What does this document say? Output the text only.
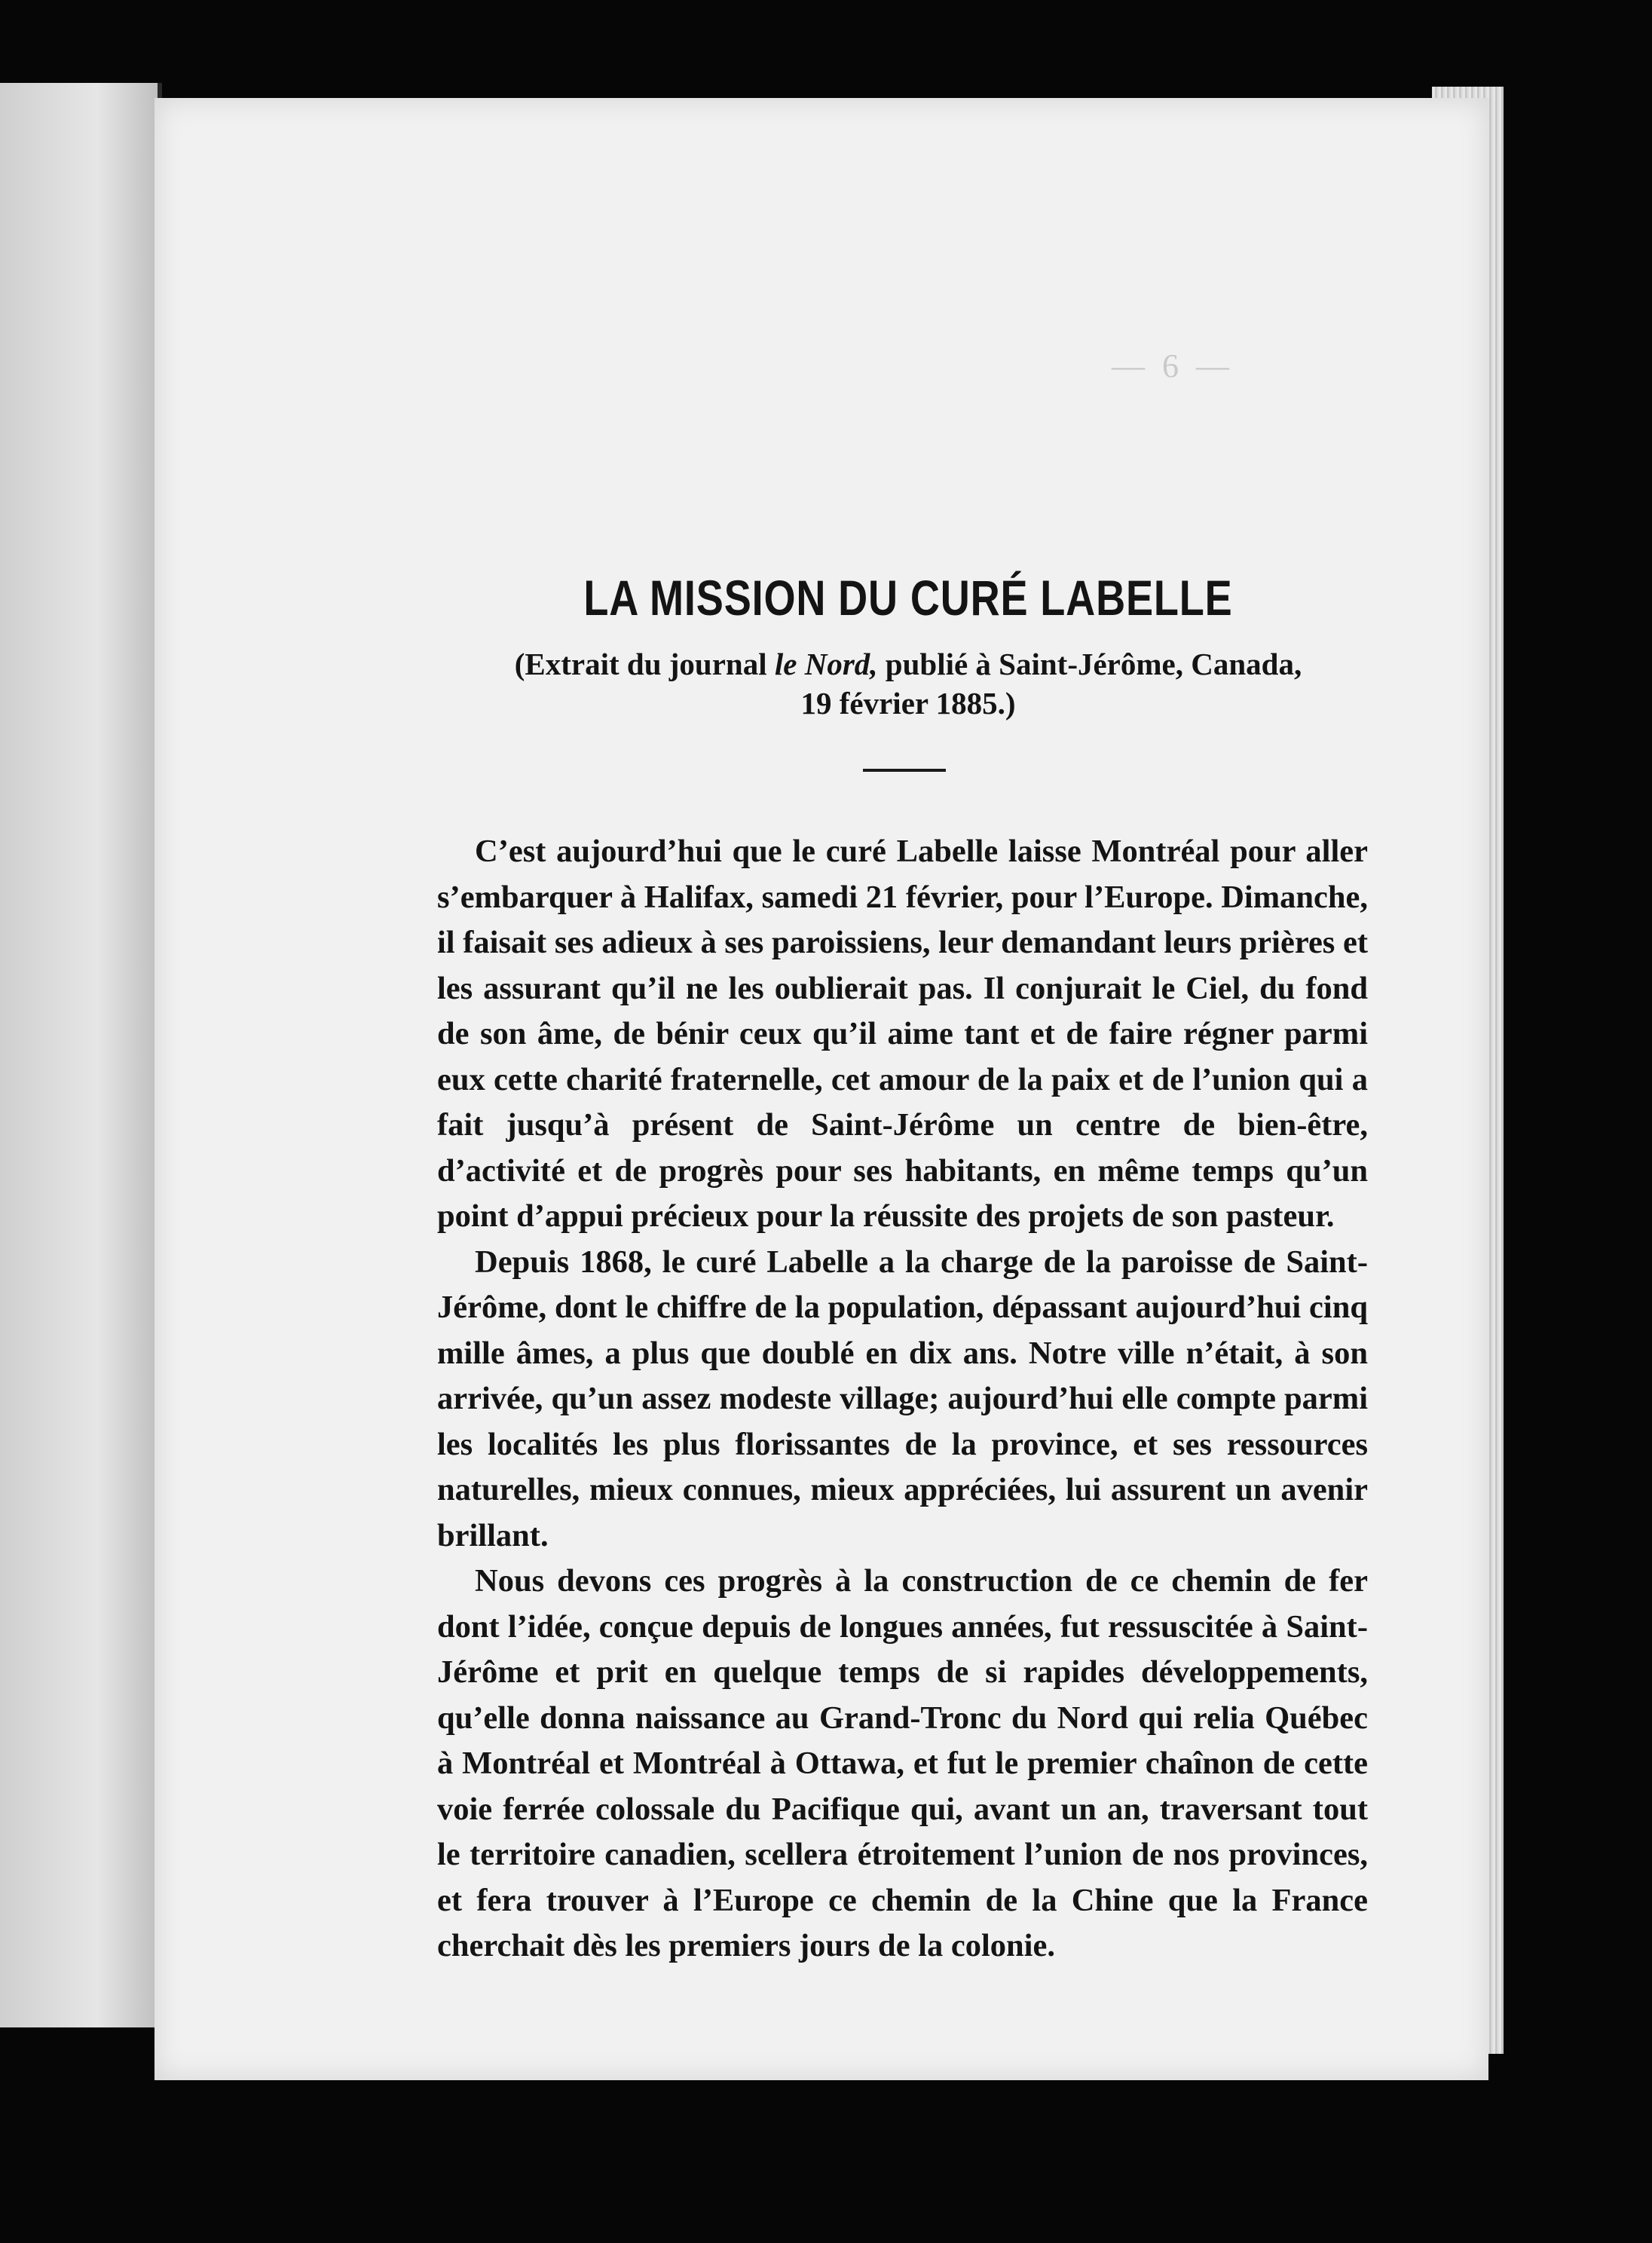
— 6 —
LA MISSION DU CURÉ LABELLE
(Extrait du journal le Nord, publié à Saint-Jérôme, Canada,
19 février 1885.)

C’est aujourd’hui que le curé Labelle laisse Montréal pour aller s’embarquer à Halifax, samedi 21 février, pour l’Europe. Dimanche, il faisait ses adieux à ses paroissiens, leur demandant leurs prières et les assurant qu’il ne les oublierait pas. Il conjurait le Ciel, du fond de son âme, de bénir ceux qu’il aime tant et de faire régner parmi eux cette charité fraternelle, cet amour de la paix et de l’union qui a fait jusqu’à présent de Saint-Jérôme un centre de bien-être, d’activité et de progrès pour ses habitants, en même temps qu’un point d’appui précieux pour la réussite des projets de son pasteur.

Depuis 1868, le curé Labelle a la charge de la paroisse de Saint-Jérôme, dont le chiffre de la population, dépassant aujourd’hui cinq mille âmes, a plus que doublé en dix ans. Notre ville n’était, à son arrivée, qu’un assez modeste village; aujourd’hui elle compte parmi les localités les plus florissantes de la province, et ses ressources naturelles, mieux connues, mieux appréciées, lui assurent un avenir brillant.

Nous devons ces progrès à la construction de ce chemin de fer dont l’idée, conçue depuis de longues années, fut ressuscitée à Saint-Jérôme et prit en quelque temps de si rapides développements, qu’elle donna naissance au Grand-Tronc du Nord qui relia Québec à Montréal et Montréal à Ottawa, et fut le premier chaînon de cette voie ferrée colossale du Pacifique qui, avant un an, traversant tout le territoire canadien, scellera étroitement l’union de nos provinces, et fera trouver à l’Europe ce chemin de la Chine que la France cherchait dès les premiers jours de la colonie.
